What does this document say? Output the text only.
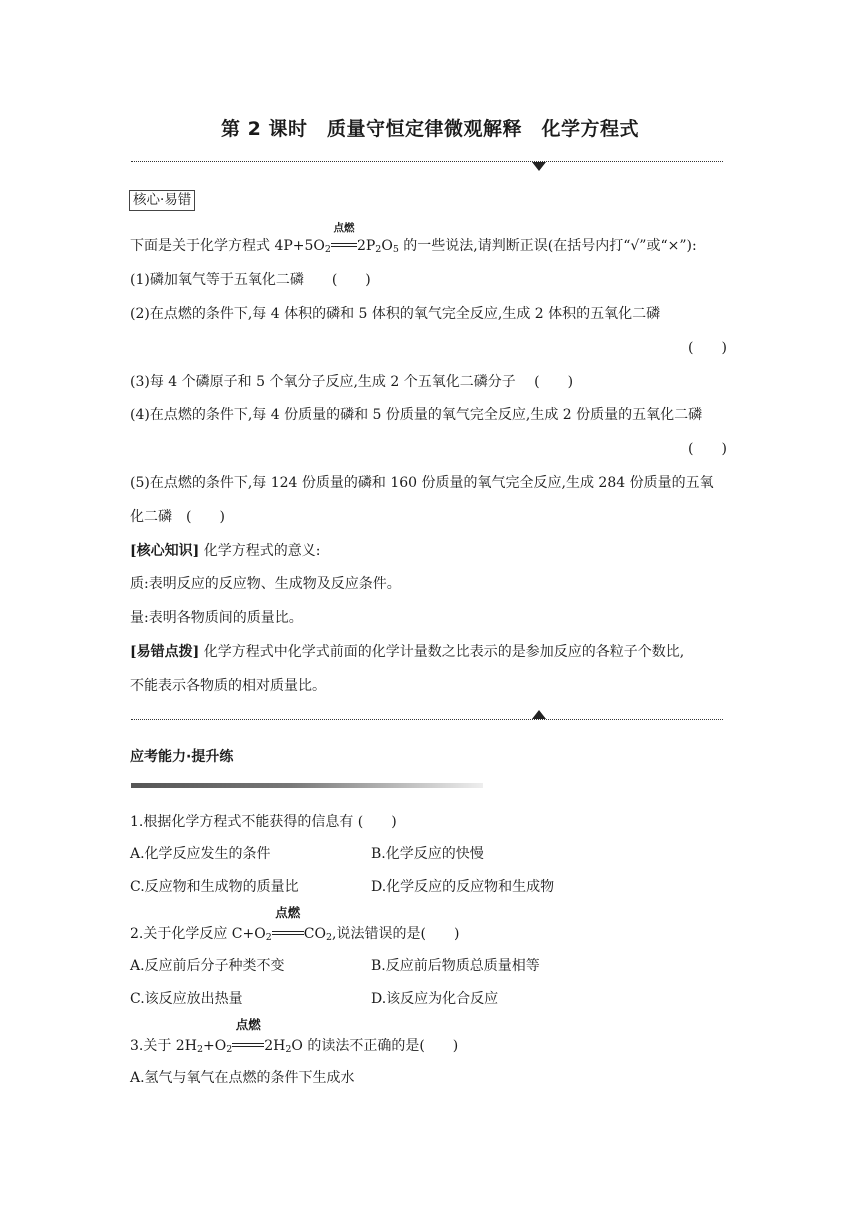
第 2 课时　质量守恒定律微观解释　化学方程式
核心·易错
下面是关于化学方程式 $4P+5O_2$
点燃
$2P_2O_5$ 的一些说法,请判断正误(在括号内打“√”或“×”):
(1)磷加氧气等于五氧化二磷　　(　　)
(2)在点燃的条件下,每 4 体积的磷和 5 体积的氧气完全反应,生成 2 体积的五氧化二磷
(　　)
(3)每 4 个磷原子和 5 个氧分子反应,生成 2 个五氧化二磷分子　 (　　)
(4)在点燃的条件下,每 4 份质量的磷和 5 份质量的氧气完全反应,生成 2 份质量的五氧化二磷
(　　)
(5)在点燃的条件下,每 124 份质量的磷和 160 份质量的氧气完全反应,生成 284 份质量的五氧
化二磷　(　　)
[核心知识] 化学方程式的意义:
质:表明反应的反应物、生成物及反应条件。
量:表明各物质间的质量比。
[易错点拨] 化学方程式中化学式前面的化学计量数之比表示的是参加反应的各粒子个数比,
不能表示各物质的相对质量比。
应考能力·提升练
1.根据化学方程式不能获得的信息有 (　　)
A.化学反应发生的条件	B.化学反应的快慢
C.反应物和生成物的质量比	D.化学反应的反应物和生成物
2.关于化学反应 $C+O_2$
点燃
$CO_2$,说法错误的是(　　)
A.反应前后分子种类不变	B.反应前后物质总质量相等
C.该反应放出热量	D.该反应为化合反应
3.关于 $2H_2+O_2$
点燃
$2H_2O$ 的读法不正确的是(　　)
A.氢气与氧气在点燃的条件下生成水
